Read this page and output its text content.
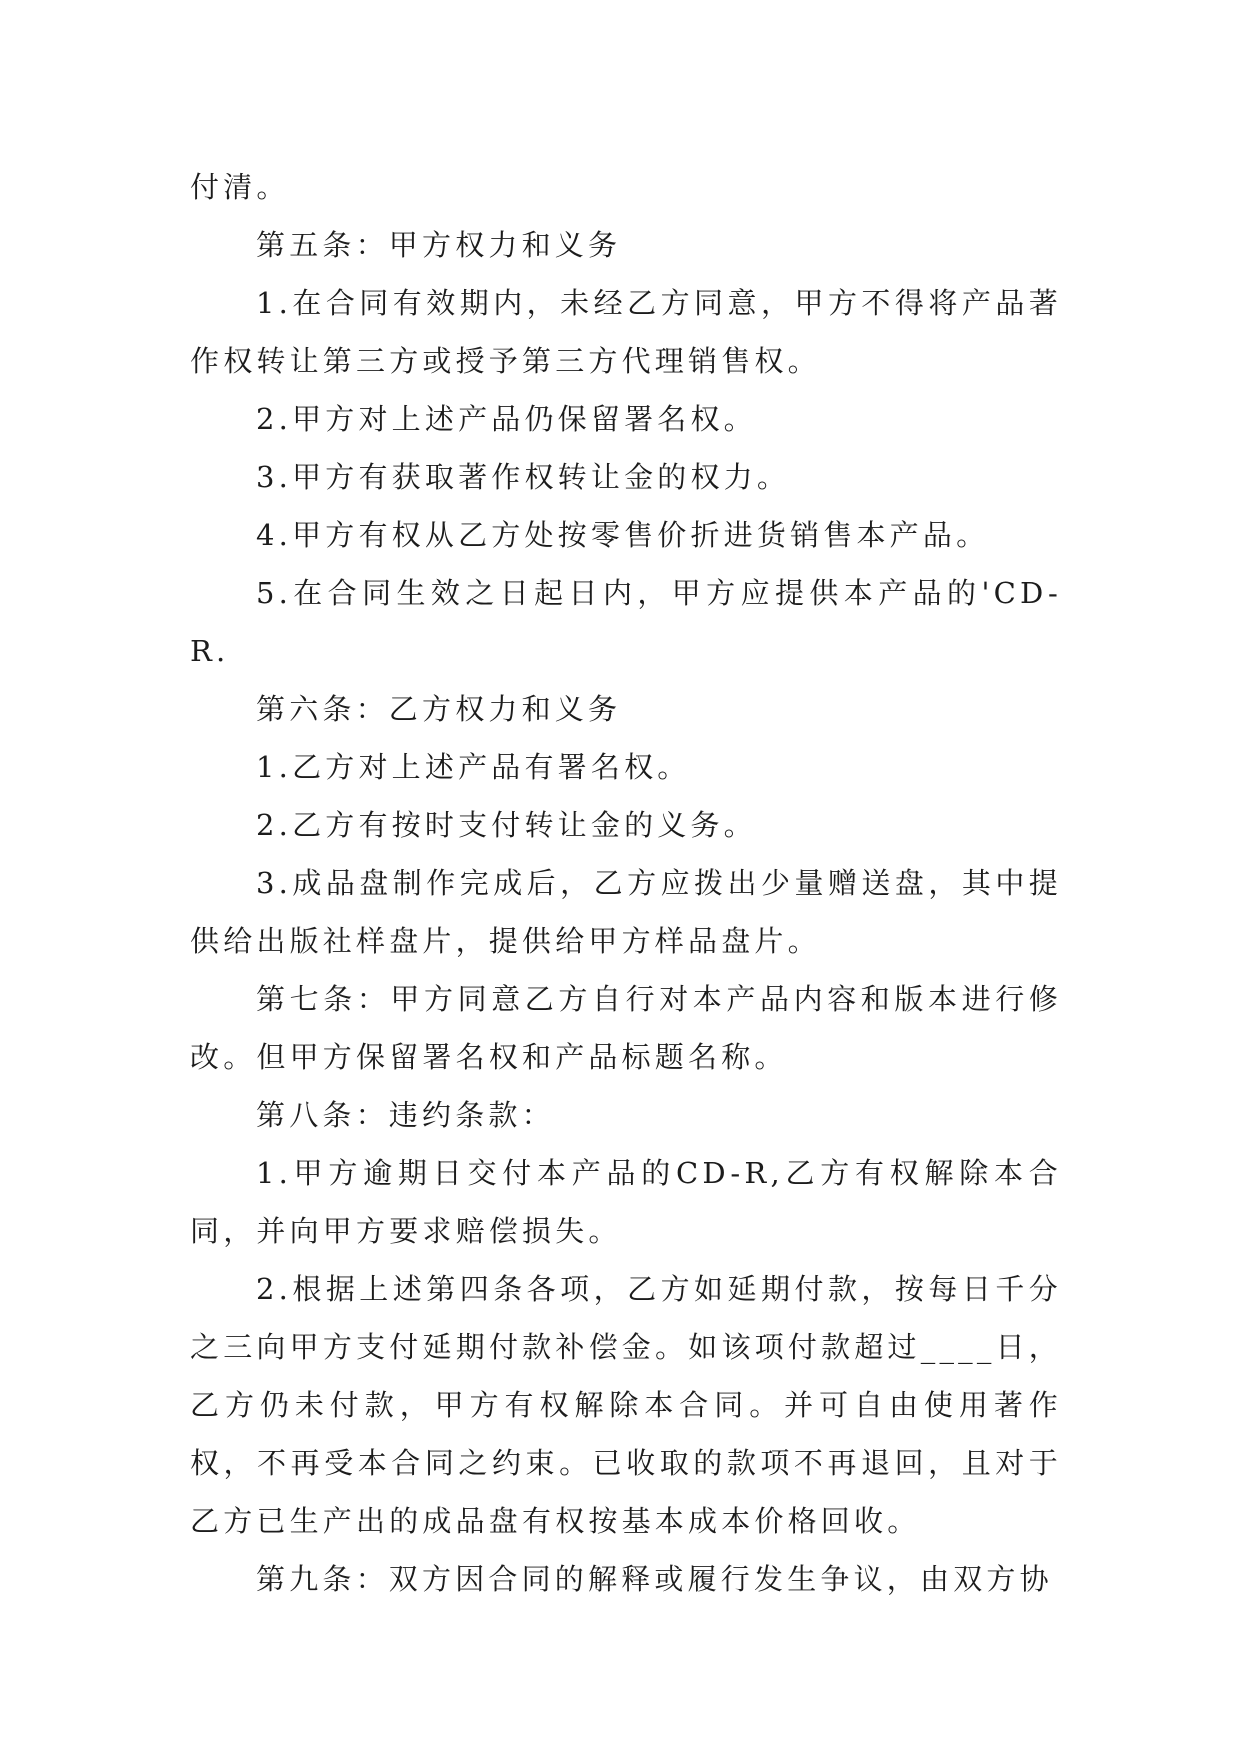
付清。

第五条：甲方权力和义务

1.在合同有效期内，未经乙方同意，甲方不得将产品著作权转让第三方或授予第三方代理销售权。

2.甲方对上述产品仍保留署名权。

3.甲方有获取著作权转让金的权力。

4.甲方有权从乙方处按零售价折进货销售本产品。

5.在合同生效之日起日内，甲方应提供本产品的'CD-R.

第六条：乙方权力和义务

1.乙方对上述产品有署名权。

2.乙方有按时支付转让金的义务。

3.成品盘制作完成后，乙方应拨出少量赠送盘，其中提供给出版社样盘片，提供给甲方样品盘片。

第七条：甲方同意乙方自行对本产品内容和版本进行修改。但甲方保留署名权和产品标题名称。

第八条：违约条款：

1.甲方逾期日交付本产品的CD-R,乙方有权解除本合同，并向甲方要求赔偿损失。

2.根据上述第四条各项，乙方如延期付款，按每日千分之三向甲方支付延期付款补偿金。如该项付款超过____日，乙方仍未付款，甲方有权解除本合同。并可自由使用著作权，不再受本合同之约束。已收取的款项不再退回，且对于乙方已生产出的成品盘有权按基本成本价格回收。

第九条：双方因合同的解释或履行发生争议，由双方协
